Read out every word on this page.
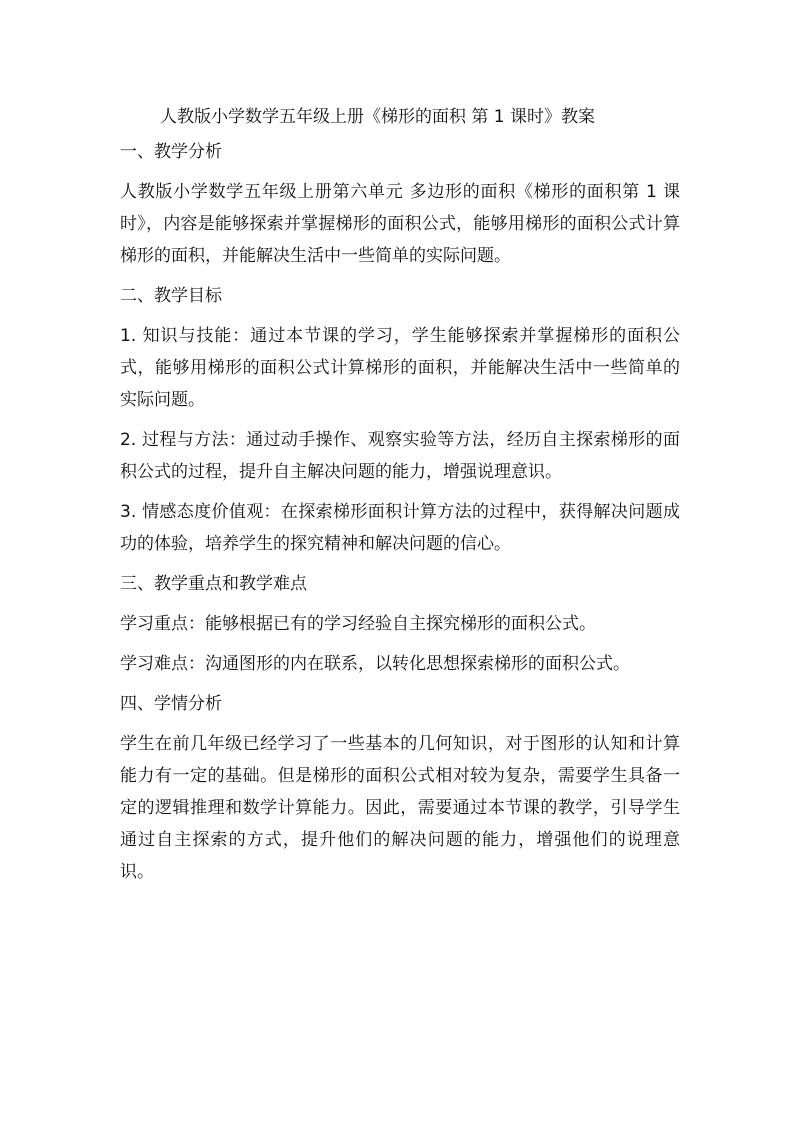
人教版小学数学五年级上册《梯形的面积 第 1 课时》教案

一、教学分析

人教版小学数学五年级上册第六单元 多边形的面积《梯形的面积第 1 课时》，内容是能够探索并掌握梯形的面积公式，能够用梯形的面积公式计算梯形的面积，并能解决生活中一些简单的实际问题。

二、教学目标

1. 知识与技能：通过本节课的学习，学生能够探索并掌握梯形的面积公式，能够用梯形的面积公式计算梯形的面积，并能解决生活中一些简单的实际问题。

2. 过程与方法：通过动手操作、观察实验等方法，经历自主探索梯形的面积公式的过程，提升自主解决问题的能力，增强说理意识。

3. 情感态度价值观：在探索梯形面积计算方法的过程中，获得解决问题成功的体验，培养学生的探究精神和解决问题的信心。

三、教学重点和教学难点

学习重点：能够根据已有的学习经验自主探究梯形的面积公式。

学习难点：沟通图形的内在联系，以转化思想探索梯形的面积公式。

四、学情分析

学生在前几年级已经学习了一些基本的几何知识，对于图形的认知和计算能力有一定的基础。但是梯形的面积公式相对较为复杂，需要学生具备一定的逻辑推理和数学计算能力。因此，需要通过本节课的教学，引导学生通过自主探索的方式，提升他们的解决问题的能力，增强他们的说理意识。
